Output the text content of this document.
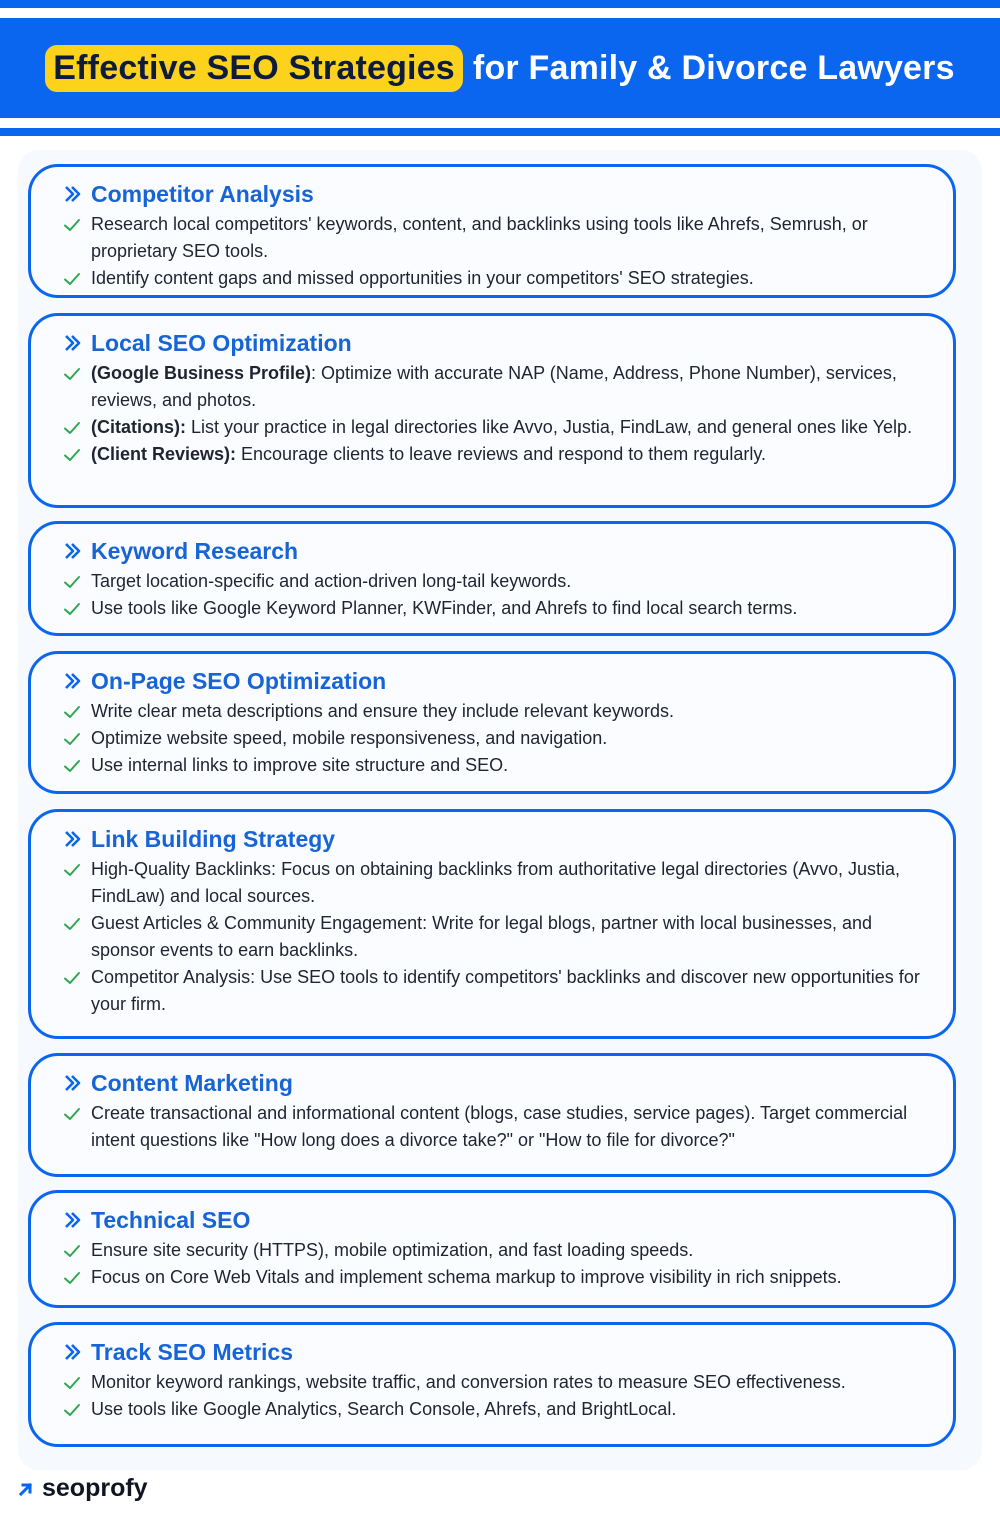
Effective SEO Strategies for Family & Divorce Lawyers
Competitor Analysis
Research local competitors' keywords, content, and backlinks using tools like Ahrefs, Semrush, or proprietary SEO tools.
Identify content gaps and missed opportunities in your competitors' SEO strategies.
Local SEO Optimization
(Google Business Profile): Optimize with accurate NAP (Name, Address, Phone Number), services, reviews, and photos.
(Citations): List your practice in legal directories like Avvo, Justia, FindLaw, and general ones like Yelp.
(Client Reviews): Encourage clients to leave reviews and respond to them regularly.
Keyword Research
Target location-specific and action-driven long-tail keywords.
Use tools like Google Keyword Planner, KWFinder, and Ahrefs to find local search terms.
On-Page SEO Optimization
Write clear meta descriptions and ensure they include relevant keywords.
Optimize website speed, mobile responsiveness, and navigation.
Use internal links to improve site structure and SEO.
Link Building Strategy
High-Quality Backlinks: Focus on obtaining backlinks from authoritative legal directories (Avvo, Justia, FindLaw) and local sources.
Guest Articles & Community Engagement: Write for legal blogs, partner with local businesses, and sponsor events to earn backlinks.
Competitor Analysis: Use SEO tools to identify competitors' backlinks and discover new opportunities for your firm.
Content Marketing
Create transactional and informational content (blogs, case studies, service pages). Target commercial intent questions like "How long does a divorce take?" or "How to file for divorce?"
Technical SEO
Ensure site security (HTTPS), mobile optimization, and fast loading speeds.
Focus on Core Web Vitals and implement schema markup to improve visibility in rich snippets.
Track SEO Metrics
Monitor keyword rankings, website traffic, and conversion rates to measure SEO effectiveness.
Use tools like Google Analytics, Search Console, Ahrefs, and BrightLocal.
seoprofy
